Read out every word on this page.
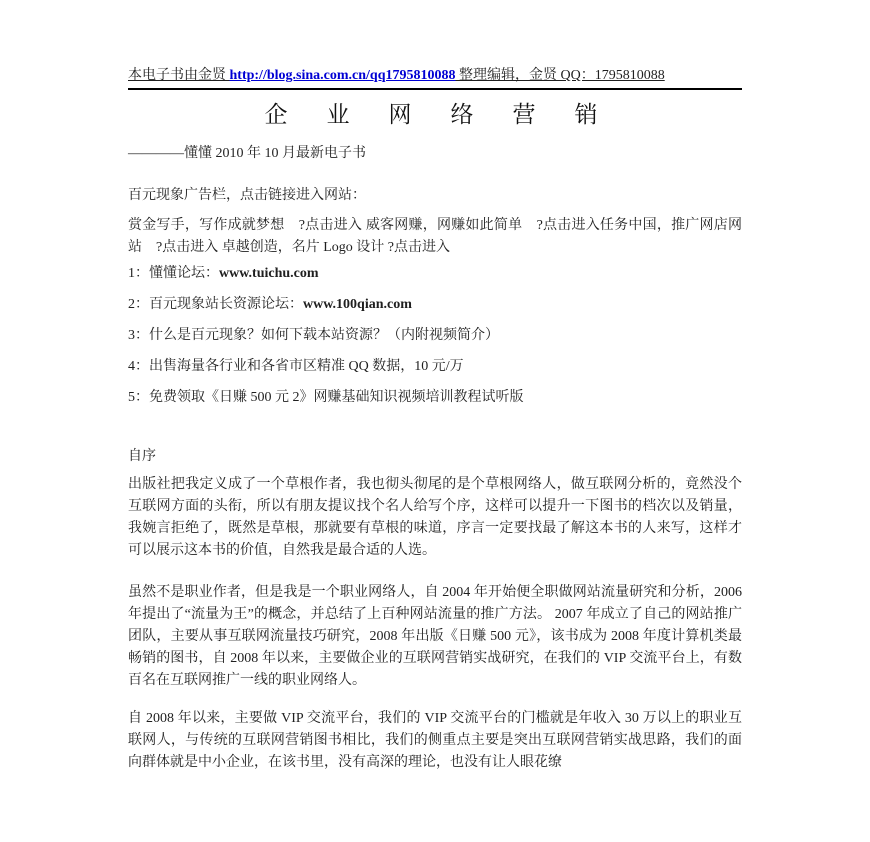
本电子书由金贤 http://blog.sina.com.cn/qq1795810088 整理编辑，金贤 QQ：1795810088
企　业　网　络　营　销
————懂懂 2010 年 10 月最新电子书
百元现象广告栏，点击链接进入网站：
赏金写手，写作成就梦想　?点击进入 威客网赚，网赚如此简单　?点击进入任务中国，推广网店网站　?点击进入 卓越创造，名片 Logo 设计 ?点击进入
1：懂懂论坛：www.tuichu.com
2：百元现象站长资源论坛：www.100qian.com
3：什么是百元现象？如何下载本站资源？（内附视频简介）
4：出售海量各行业和各省市区精准 QQ 数据，10 元/万
5：免费领取《日赚 500 元 2》网赚基础知识视频培训教程试听版
自序
出版社把我定义成了一个草根作者，我也彻头彻尾的是个草根网络人，做互联网分析的，竟然没个互联网方面的头衔，所以有朋友提议找个名人给写个序，这样可以提升一下图书的档次以及销量，我婉言拒绝了，既然是草根，那就要有草根的味道，序言一定要找最了解这本书的人来写，这样才可以展示这本书的价值，自然我是最合适的人选。
虽然不是职业作者，但是我是一个职业网络人，自 2004 年开始便全职做网站流量研究和分析，2006 年提出了“流量为王”的概念，并总结了上百种网站流量的推广方法。 2007 年成立了自己的网站推广团队，主要从事互联网流量技巧研究，2008 年出版《日赚 500 元》，该书成为 2008 年度计算机类最畅销的图书，自 2008 年以来，主要做企业的互联网营销实战研究，在我们的 VIP 交流平台上，有数百名在互联网推广一线的职业网络人。
自 2008 年以来，主要做 VIP 交流平台，我们的 VIP 交流平台的门槛就是年收入 30 万以上的职业互联网人，与传统的互联网营销图书相比，我们的侧重点主要是突出互联网营销实战思路，我们的面向群体就是中小企业，在该书里，没有高深的理论，也没有让人眼花缭
